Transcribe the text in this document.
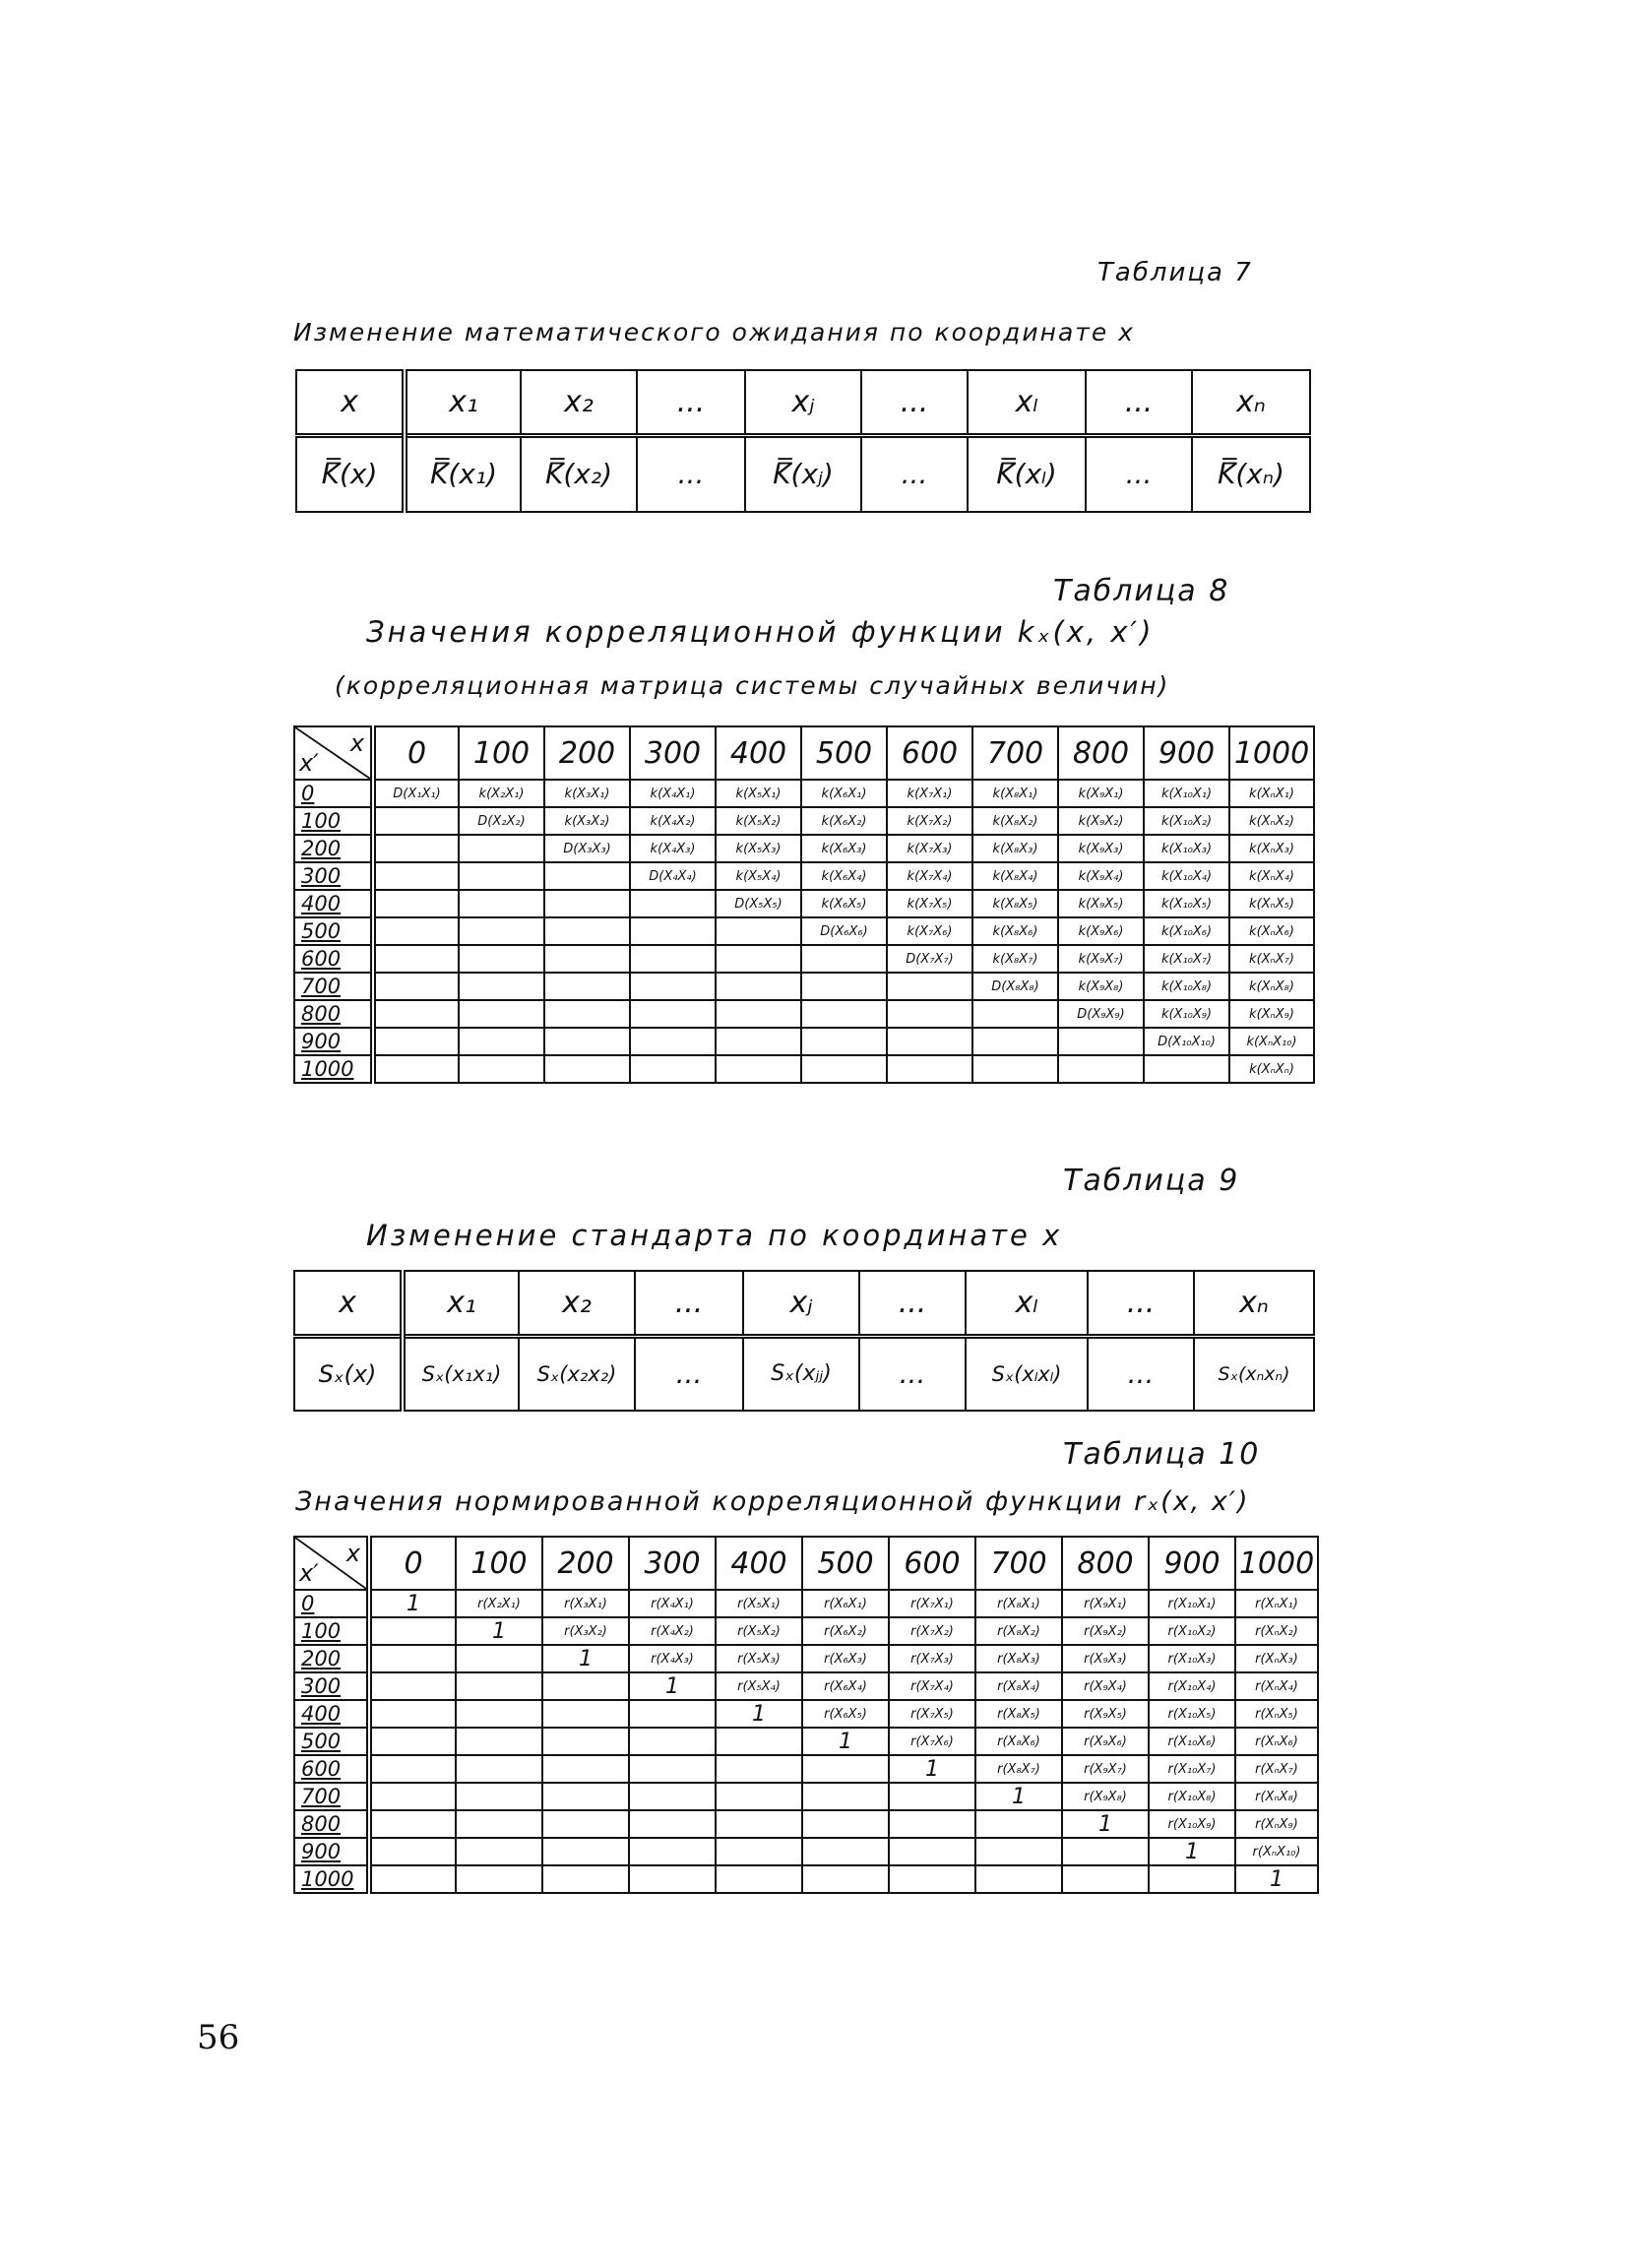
Таблица 7
Изменение математического ожидания по координате x
x	x₁	x₂	...	xⱼ	...	xₗ	...	xₙ
K̿(x)	K̿(x₁)	K̿(x₂)	...	K̿(xⱼ)	...	K̿(xₗ)	...	K̿(xₙ)
Таблица 8
Значения корреляционной функции kₓ(x, x′)
(корреляционная матрица системы случайных величин)
x
x′	0	100	200	300	400	500	600	700	800	900	1000
0	D(X₁X₁)	k(X₂X₁)	k(X₃X₁)	k(X₄X₁)	k(X₅X₁)	k(X₆X₁)	k(X₇X₁)	k(X₈X₁)	k(X₉X₁)	k(X₁₀X₁)	k(XₙX₁)
100		D(X₂X₂)	k(X₃X₂)	k(X₄X₂)	k(X₅X₂)	k(X₆X₂)	k(X₇X₂)	k(X₈X₂)	k(X₉X₂)	k(X₁₀X₂)	k(XₙX₂)
200			D(X₃X₃)	k(X₄X₃)	k(X₅X₃)	k(X₆X₃)	k(X₇X₃)	k(X₈X₃)	k(X₉X₃)	k(X₁₀X₃)	k(XₙX₃)
300				D(X₄X₄)	k(X₅X₄)	k(X₆X₄)	k(X₇X₄)	k(X₈X₄)	k(X₉X₄)	k(X₁₀X₄)	k(XₙX₄)
400					D(X₅X₅)	k(X₆X₅)	k(X₇X₅)	k(X₈X₅)	k(X₉X₅)	k(X₁₀X₅)	k(XₙX₅)
500						D(X₆X₆)	k(X₇X₆)	k(X₈X₆)	k(X₉X₆)	k(X₁₀X₆)	k(XₙX₆)
600							D(X₇X₇)	k(X₈X₇)	k(X₉X₇)	k(X₁₀X₇)	k(XₙX₇)
700								D(X₈X₈)	k(X₉X₈)	k(X₁₀X₈)	k(XₙX₈)
800									D(X₉X₉)	k(X₁₀X₉)	k(XₙX₉)
900										D(X₁₀X₁₀)	k(XₙX₁₀)
1000											k(XₙXₙ)
Таблица 9
Изменение стандарта по координате x
x	x₁	x₂	...	xⱼ	...	xₗ	...	xₙ
Sₓ(x)	Sₓ(x₁x₁)	Sₓ(x₂x₂)	...	Sₓ(xⱼⱼ)	...	Sₓ(xₗxₗ)	...	Sₓ(xₙxₙ)
Таблица 10
Значения нормированной корреляционной функции rₓ(x, x′)
x
x′	0	100	200	300	400	500	600	700	800	900	1000
0	1	r(X₂X₁)	r(X₃X₁)	r(X₄X₁)	r(X₅X₁)	r(X₆X₁)	r(X₇X₁)	r(X₈X₁)	r(X₉X₁)	r(X₁₀X₁)	r(XₙX₁)
100		1	r(X₃X₂)	r(X₄X₂)	r(X₅X₂)	r(X₆X₂)	r(X₇X₂)	r(X₈X₂)	r(X₉X₂)	r(X₁₀X₂)	r(XₙX₂)
200			1	r(X₄X₃)	r(X₅X₃)	r(X₆X₃)	r(X₇X₃)	r(X₈X₃)	r(X₉X₃)	r(X₁₀X₃)	r(XₙX₃)
300				1	r(X₅X₄)	r(X₆X₄)	r(X₇X₄)	r(X₈X₄)	r(X₉X₄)	r(X₁₀X₄)	r(XₙX₄)
400					1	r(X₆X₅)	r(X₇X₅)	r(X₈X₅)	r(X₉X₅)	r(X₁₀X₅)	r(XₙX₅)
500						1	r(X₇X₆)	r(X₈X₆)	r(X₉X₆)	r(X₁₀X₆)	r(XₙX₆)
600							1	r(X₈X₇)	r(X₉X₇)	r(X₁₀X₇)	r(XₙX₇)
700								1	r(X₉X₈)	r(X₁₀X₈)	r(XₙX₈)
800									1	r(X₁₀X₉)	r(XₙX₉)
900										1	r(XₙX₁₀)
1000											1
56
